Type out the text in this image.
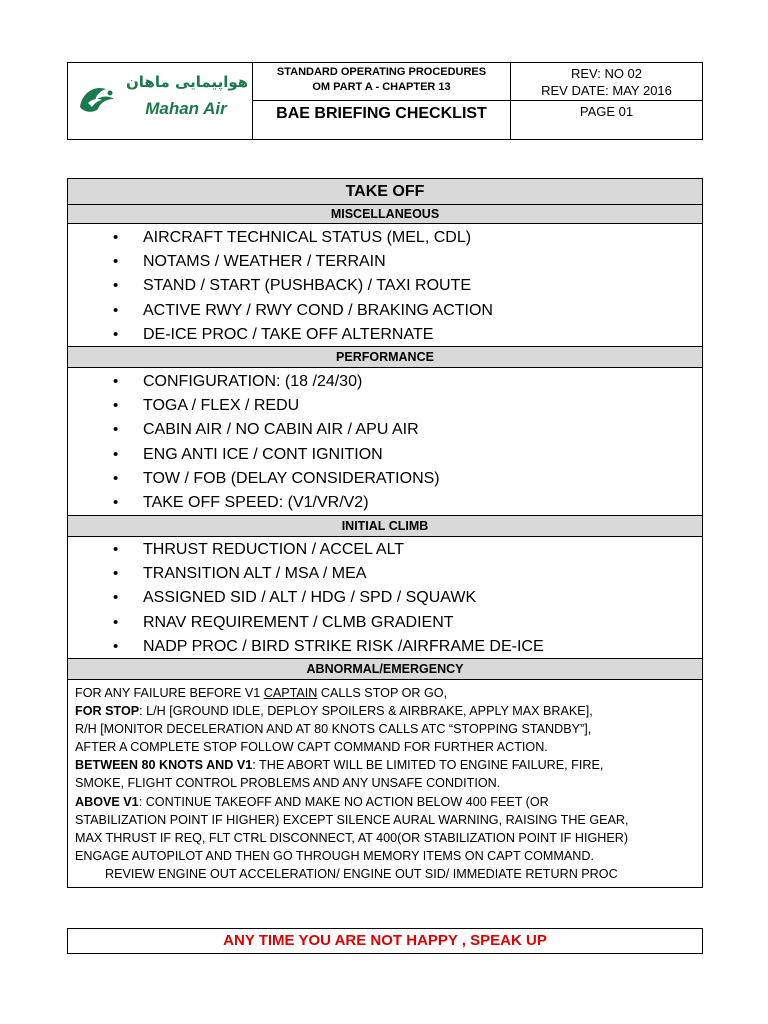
هواپیمایی ماهان
Mahan Air
STANDARD OPERATING PROCEDURES
OM PART A - CHAPTER 13
BAE BRIEFING CHECKLIST
REV: NO 02
REV DATE: MAY 2016
PAGE 01
TAKE OFF
MISCELLANEOUS
• AIRCRAFT TECHNICAL STATUS (MEL, CDL)
• NOTAMS / WEATHER / TERRAIN
• STAND / START (PUSHBACK) / TAXI ROUTE
• ACTIVE RWY / RWY COND / BRAKING ACTION
• DE-ICE PROC / TAKE OFF ALTERNATE
PERFORMANCE
• CONFIGURATION: (18 /24/30)
• TOGA / FLEX / REDU
• CABIN AIR / NO CABIN AIR / APU AIR
• ENG ANTI ICE / CONT IGNITION
• TOW / FOB (DELAY CONSIDERATIONS)
• TAKE OFF SPEED: (V1/VR/V2)
INITIAL CLIMB
• THRUST REDUCTION / ACCEL ALT
• TRANSITION ALT / MSA / MEA
• ASSIGNED SID / ALT / HDG / SPD / SQUAWK
• RNAV REQUIREMENT / CLMB GRADIENT
• NADP PROC / BIRD STRIKE RISK /AIRFRAME DE-ICE
ABNORMAL/EMERGENCY
FOR ANY FAILURE BEFORE V1 CAPTAIN CALLS STOP OR GO,
FOR STOP: L/H [GROUND IDLE, DEPLOY SPOILERS & AIRBRAKE, APPLY MAX BRAKE],
R/H [MONITOR DECELERATION AND AT 80 KNOTS CALLS ATC “STOPPING STANDBY”],
AFTER A COMPLETE STOP FOLLOW CAPT COMMAND FOR FURTHER ACTION.
BETWEEN 80 KNOTS AND V1: THE ABORT WILL BE LIMITED TO ENGINE FAILURE, FIRE,
SMOKE, FLIGHT CONTROL PROBLEMS AND ANY UNSAFE CONDITION.
ABOVE V1: CONTINUE TAKEOFF AND MAKE NO ACTION BELOW 400 FEET (OR
STABILIZATION POINT IF HIGHER) EXCEPT SILENCE AURAL WARNING, RAISING THE GEAR,
MAX THRUST IF REQ, FLT CTRL DISCONNECT, AT 400(OR STABILIZATION POINT IF HIGHER)
ENGAGE AUTOPILOT AND THEN GO THROUGH MEMORY ITEMS ON CAPT COMMAND.
REVIEW ENGINE OUT ACCELERATION/ ENGINE OUT SID/ IMMEDIATE RETURN PROC
ANY TIME YOU ARE NOT HAPPY , SPEAK UP
